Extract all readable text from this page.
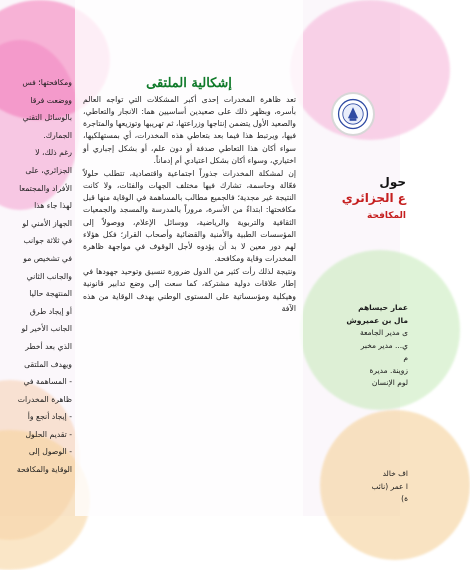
ومكافحتها؛ فس
ووضعت فرقا
بالوسائل التقني
الجمارك.
رغم ذلك، لا
الجزائري، على
الأفراد والمجتمعا
لهذا جاء هذا
الجهاز الأمني لو
في ثلاثة جوانب
في تشخيص مو
والجانب الثاني
المنتهجة حاليا
أو إيجاد طرق
الجانب الأخير لو
الذي بعد أخطر
ويهدف الملتقى
- المساهمة في
ظاهرة المخدرات
- إيجاد أنجع وأ
- تقديم الحلول
- الوصول إلى
الوقاية والمكافحة
إشكالية الملتقى

تعد ظاهرة المخدرات إحدى أكبر المشكلات التي تواجه العالم بأسره، وبظهر ذلك على صعيدين أساسيين هما: الانجار والتعاطي، والصعيد الأول يتضمن إنتاجها وزراعتها، ثم تهريبها وتوزيعها والمتاجرة فيها، ويرتبط هذا فيما بعد بتعاطي هذه المخدرات، أي بمستهلكيها، سواء أكان هذا التعاطي صدفة أو دون علم، أو بشكل إجباري أو اختياري، وسواء أكان بشكل اعتيادي أم إدماناً.

إن لمشكلة المخدرات جذوراً اجتماعية واقتصادية، تتطلب حلولاً فعّالة وحاسمة، تشارك فيها مختلف الجهات والفئات، ولا كانت النتيجة غير مجدية؛ فالجميع مطالب بالمساهمة في الوقاية منها قبل مكافحتها: ابتداءً من الأسرة، مروراً بالمدرسة والمسجد والجمعيات الثقافية والتربوية والرياضية، ووسائل الإعلام، ووصولاً إلى المؤسسات الطبية والأمنية والقضائية وأصحاب القرار؛ فكل هؤلاء لهم دور معين لا بد أن يؤدوه لأجل الوقوف في مواجهة ظاهرة المخدرات وقاية ومكافحة.

ونتيجة لذلك رأت كثير من الدول ضرورة تنسيق وتوحيد جهودها في إطار علاقات دولية مشتركة، كما سعت إلى وضع تدابير قانونية وهيكلية ومؤسساتية على المستوى الوطني بهدف الوقاية من هذه الآفة

حول
ع الجزائري
المكافحة
عمار حيساهم
مال بن عميروش
ى مدير الجامعة
ي... مدير مخبر
م
زوينة. مديرة
لوم الإنسان
اف خالد
ا عمر (نائب
ة)
